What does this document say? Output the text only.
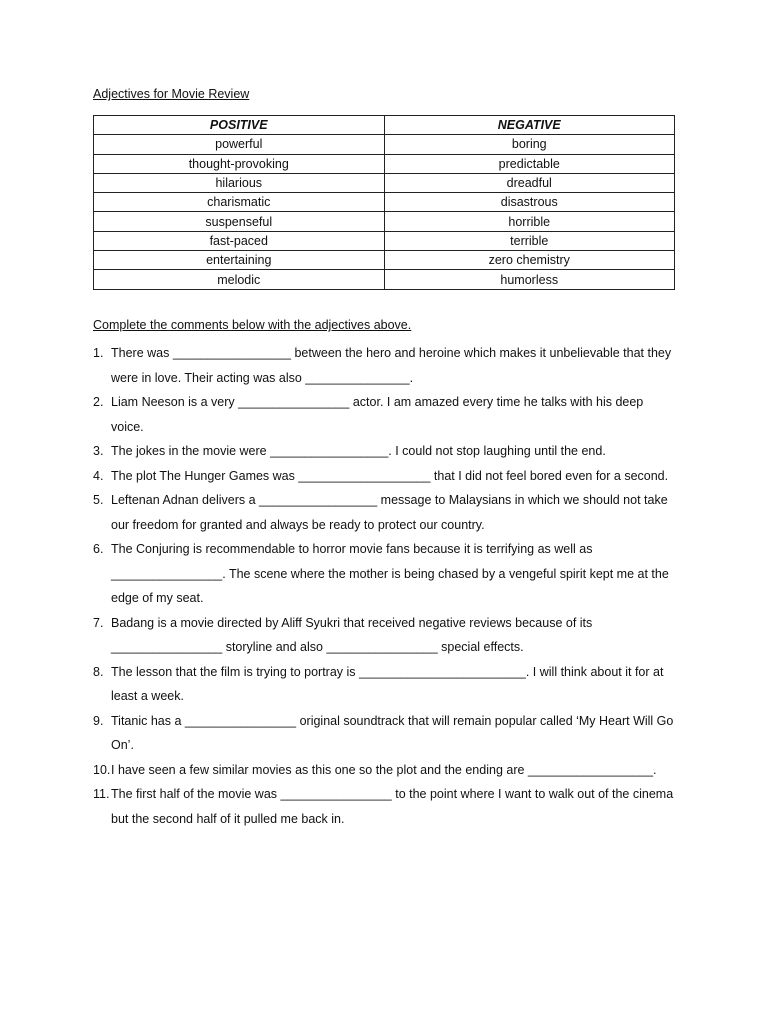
Adjectives for Movie Review
POSITIVE	NEGATIVE
powerful	boring
thought-provoking	predictable
hilarious	dreadful
charismatic	disastrous
suspenseful	horrible
fast-paced	terrible
entertaining	zero chemistry
melodic	humorless

Complete the comments below with the adjectives above.

1. There was _________________ between the hero and heroine which makes it unbelievable that they were in love. Their acting was also _______________.
2. Liam Neeson is a very ________________ actor. I am amazed every time he talks with his deep voice.
3. The jokes in the movie were _________________. I could not stop laughing until the end.
4. The plot The Hunger Games was ___________________ that I did not feel bored even for a second.
5. Leftenan Adnan delivers a _________________ message to Malaysians in which we should not take our freedom for granted and always be ready to protect our country.
6. The Conjuring is recommendable to horror movie fans because it is terrifying as well as ________________. The scene where the mother is being chased by a vengeful spirit kept me at the edge of my seat.
7. Badang is a movie directed by Aliff Syukri that received negative reviews because of its ________________ storyline and also ________________ special effects.
8. The lesson that the film is trying to portray is ________________________. I will think about it for at least a week.
9. Titanic has a ________________ original soundtrack that will remain popular called ‘My Heart Will Go On’.
10. I have seen a few similar movies as this one so the plot and the ending are __________________.
11. The first half of the movie was ________________ to the point where I want to walk out of the cinema but the second half of it pulled me back in.
